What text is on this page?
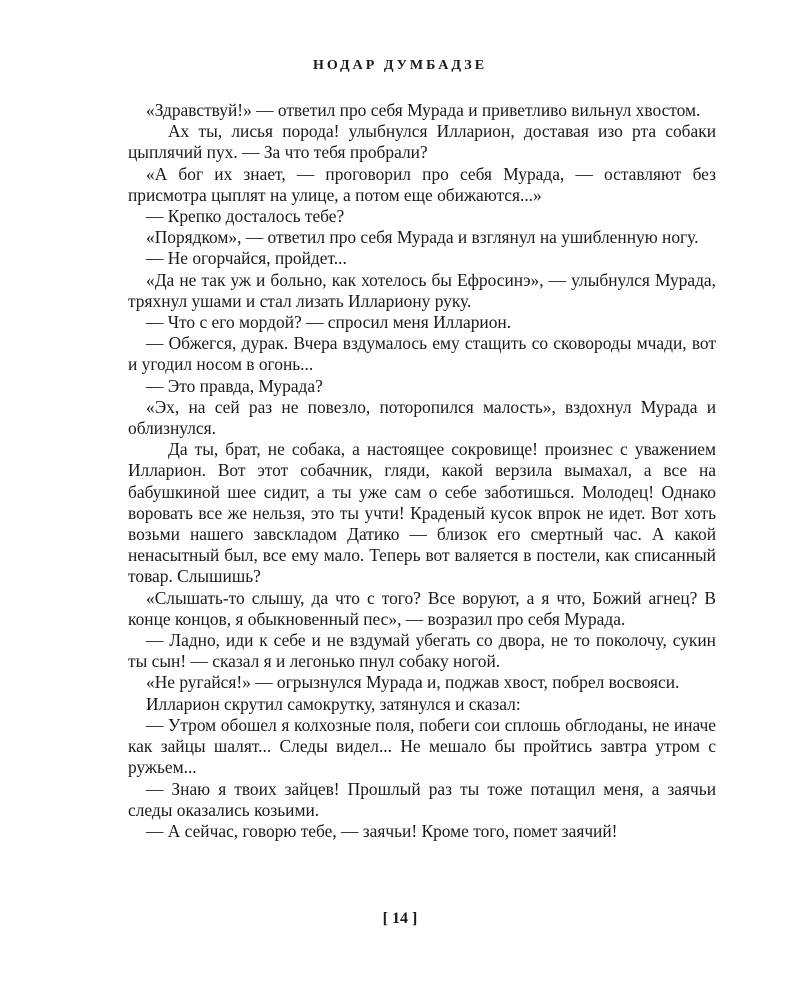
НОДАР ДУМБАДЗЕ

«Здравствуй!» — ответил про себя Мурада и приветливо вильнул хвостом.

Ах ты, лисья порода! улыбнулся Илларион, доставая изо рта собаки цыплячий пух. — За что тебя пробрали?

«А бог их знает, — проговорил про себя Мурада, — оставляют без присмотра цыплят на улице, а потом еще обижаются...»

— Крепко досталось тебе?

«Порядком», — ответил про себя Мурада и взглянул на ушибленную ногу.

— Не огорчайся, пройдет...

«Да не так уж и больно, как хотелось бы Ефросинэ», — улыбнулся Мурада, тряхнул ушами и стал лизать Иллариону руку.

— Что с его мордой? — спросил меня Илларион.

— Обжегся, дурак. Вчера вздумалось ему стащить со сковороды мчади, вот и угодил носом в огонь...

— Это правда, Мурада?

«Эх, на сей раз не повезло, поторопился малость», вздохнул Мурада и облизнулся.

Да ты, брат, не собака, а настоящее сокровище! произнес с уважением Илларион. Вот этот собачник, гляди, какой верзила вымахал, а все на бабушкиной шее сидит, а ты уже сам о себе заботишься. Молодец! Однако воровать все же нельзя, это ты учти! Краденый кусок впрок не идет. Вот хоть возьми нашего завскладом Датико — близок его смертный час. А какой ненасытный был, все ему мало. Теперь вот валяется в постели, как списанный товар. Слышишь?

«Слышать-то слышу, да что с того? Все воруют, а я что, Божий агнец? В конце концов, я обыкновенный пес», — возразил про себя Мурада.

— Ладно, иди к себе и не вздумай убегать со двора, не то поколочу, сукин ты сын! — сказал я и легонько пнул собаку ногой.

«Не ругайся!» — огрызнулся Мурада и, поджав хвост, побрел восвояси.

Илларион скрутил самокрутку, затянулся и сказал:

— Утром обошел я колхозные поля, побеги сои сплошь обглоданы, не иначе как зайцы шалят... Следы видел... Не мешало бы пройтись завтра утром с ружьем...

— Знаю я твоих зайцев! Прошлый раз ты тоже потащил меня, а заячьи следы оказались козьими.

— А сейчас, говорю тебе, — заячьи! Кроме того, помет заячий!

[ 14 ]
